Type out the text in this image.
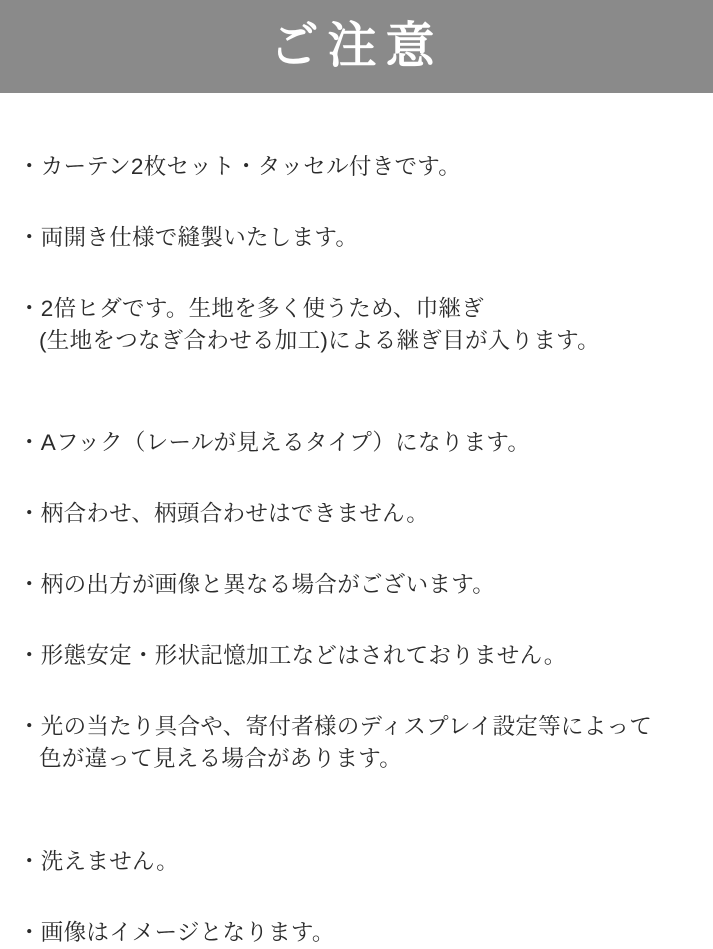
ご注意

・カーテン2枚セット・タッセル付きです。

・両開き仕様で縫製いたします。

・2倍ヒダです。生地を多く使うため、巾継ぎ

(生地をつなぎ合わせる加工)による継ぎ目が入ります。

・Aフック（レールが見えるタイプ）になります。

・柄合わせ、柄頭合わせはできません。

・柄の出方が画像と異なる場合がございます。

・形態安定・形状記憶加工などはされておりません。

・光の当たり具合や、寄付者様のディスプレイ設定等によって

色が違って見える場合があります。

・洗えません。

・画像はイメージとなります。
